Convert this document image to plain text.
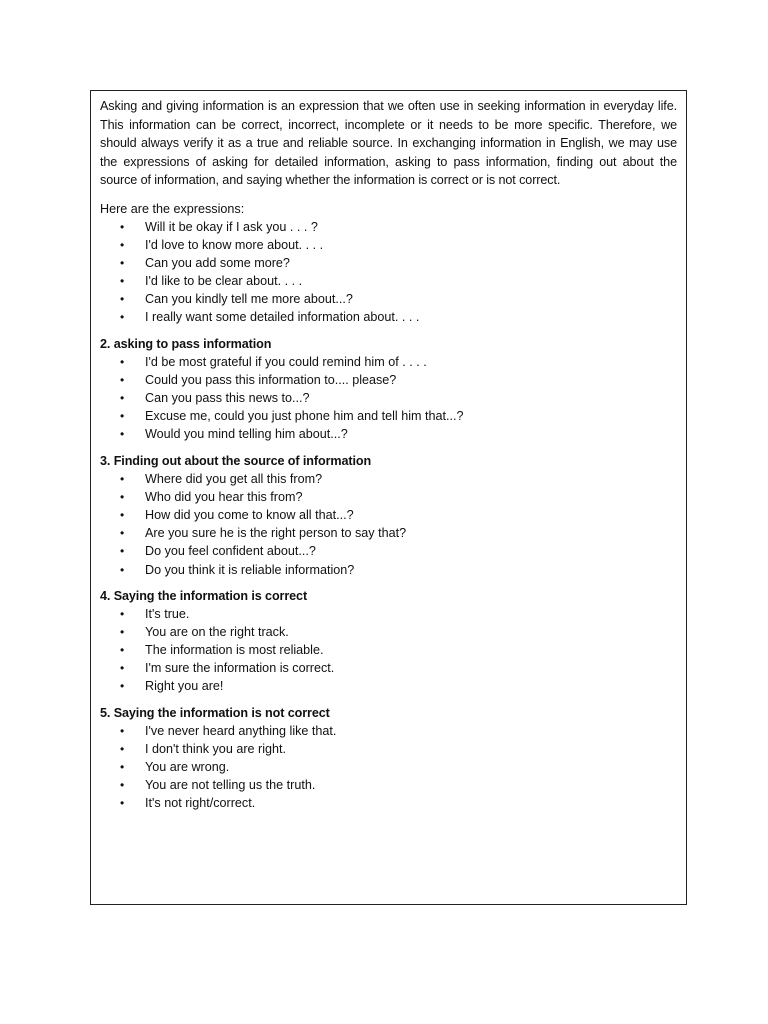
Asking and giving information is an expression that we often use in seeking information in everyday life. This information can be correct, incorrect, incomplete or it needs to be more specific. Therefore, we should always verify it as a true and reliable source. In exchanging information in English, we may use the expressions of asking for detailed information, asking to pass information, finding out about the source of information, and saying whether the information is correct or is not correct.

Here are the expressions:

• Will it be okay if I ask you . . . ?
• I'd love to know more about. . . .
• Can you add some more?
• I'd like to be clear about. . . .
• Can you kindly tell me more about...?
• I really want some detailed information about. . . .

2. asking to pass information

• I'd be most grateful if you could remind him of . . . .
• Could you pass this information to.... please?
• Can you pass this news to...?
• Excuse me, could you just phone him and tell him that...?
• Would you mind telling him about...?

3. Finding out about the source of information

• Where did you get all this from?
• Who did you hear this from?
• How did you come to know all that...?
• Are you sure he is the right person to say that?
• Do you feel confident about...?
• Do you think it is reliable information?

4. Saying the information is correct

• It's true.
• You are on the right track.
• The information is most reliable.
• I'm sure the information is correct.
• Right you are!

5. Saying the information is not correct

• I've never heard anything like that.
• I don't think you are right.
• You are wrong.
• You are not telling us the truth.
• It's not right/correct.
